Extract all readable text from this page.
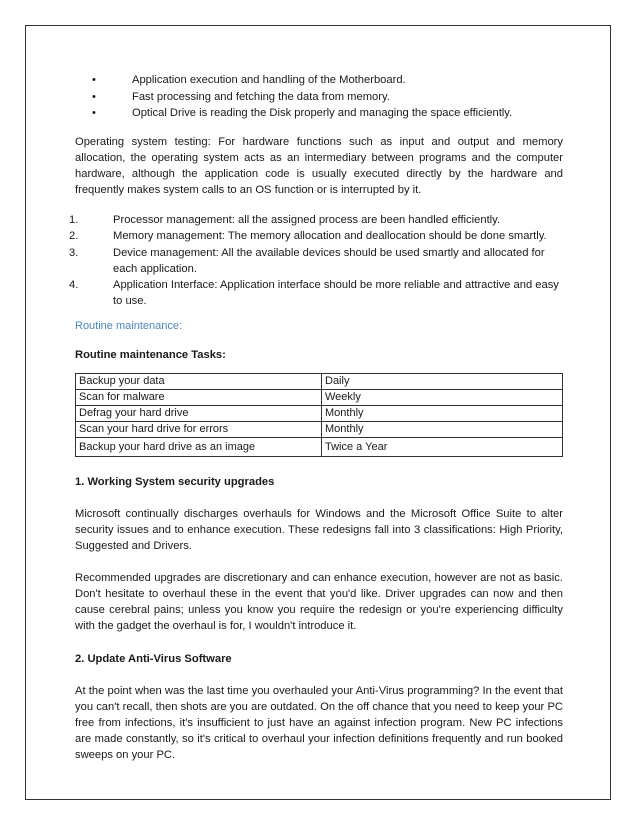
•	Application execution and handling of the Motherboard.
•	Fast processing and fetching the data from memory.
•	Optical Drive is reading the Disk properly and managing the space efficiently.

Operating system testing: For hardware functions such as input and output and memory allocation, the operating system acts as an intermediary between programs and the computer hardware, although the application code is usually executed directly by the hardware and frequently makes system calls to an OS function or is interrupted by it.

1.	Processor management: all the assigned process are been handled efficiently.
2.	Memory management: The memory allocation and deallocation should be done smartly.
3.	Device management: All the available devices should be used smartly and allocated for each application.
4.	Application Interface: Application interface should be more reliable and attractive and easy to use.
Routine maintenance:
Routine maintenance Tasks:
Backup your data	Daily
Scan for malware	Weekly
Defrag your hard drive	Monthly
Scan your hard drive for errors	Monthly
Backup your hard drive as an image	Twice a Year
1. Working System security upgrades

Microsoft continually discharges overhauls for Windows and the Microsoft Office Suite to alter security issues and to enhance execution. These redesigns fall into 3 classifications: High Priority, Suggested and Drivers.

Recommended upgrades are discretionary and can enhance execution, however are not as basic. Don't hesitate to overhaul these in the event that you'd like. Driver upgrades can now and then cause cerebral pains; unless you know you require the redesign or you're experiencing difficulty with the gadget the overhaul is for, I wouldn't introduce it.

2. Update Anti-Virus Software

At the point when was the last time you overhauled your Anti-Virus programming? In the event that you can't recall, then shots are you are outdated. On the off chance that you need to keep your PC free from infections, it's insufficient to just have an against infection program. New PC infections are made constantly, so it's critical to overhaul your infection definitions frequently and run booked sweeps on your PC.
